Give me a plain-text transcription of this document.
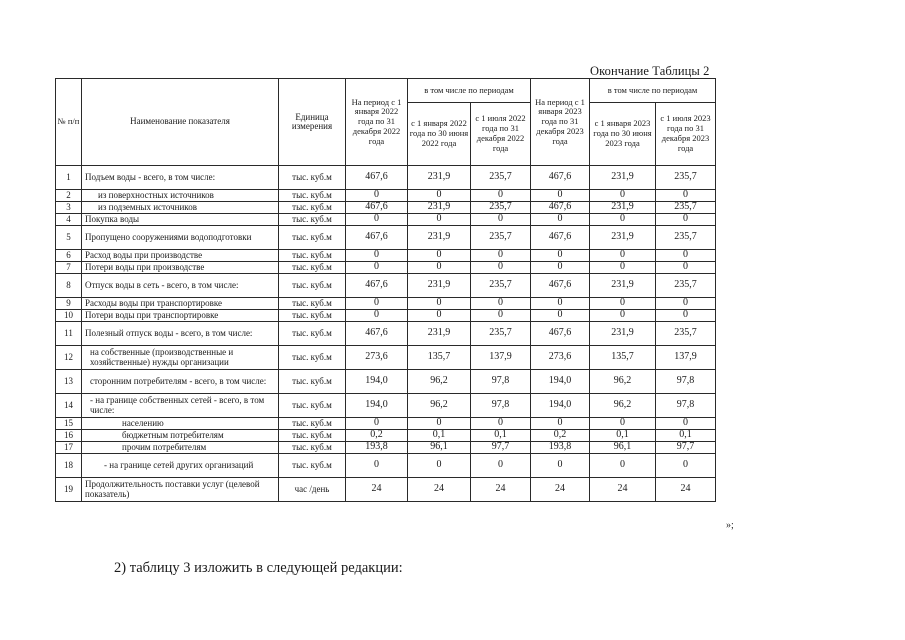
Окончание Таблицы 2
№ п/п	Наименование показателя	Единица измерения	На период с 1 января 2022 года по 31 декабря 2022 года	в том числе по периодам		На период с 1 января 2023 года по 31 декабря 2023 года	в том числе по периодам	
				с 1 января 2022 года по 30 июня 2022 года	с 1 июля 2022 года по 31 декабря 2022 года		с 1 января 2023 года по 30 июня 2023 года	с 1 июля 2023 года по 31 декабря 2023 года
1	Подъем воды - всего, в том числе:	тыс. куб.м	467,6	231,9	235,7	467,6	231,9	235,7
2	из поверхностных источников	тыс. куб.м	0	0	0	0	0	0
3	из подземных источников	тыс. куб.м	467,6	231,9	235,7	467,6	231,9	235,7
4	Покупка воды	тыс. куб.м	0	0	0	0	0	0
5	Пропущено сооружениями водоподготовки	тыс. куб.м	467,6	231,9	235,7	467,6	231,9	235,7
6	Расход воды при производстве	тыс. куб.м	0	0	0	0	0	0
7	Потери воды при производстве	тыс. куб.м	0	0	0	0	0	0
8	Отпуск воды в сеть - всего, в том числе:	тыс. куб.м	467,6	231,9	235,7	467,6	231,9	235,7
9	Расходы воды при транспортировке	тыс. куб.м	0	0	0	0	0	0
10	Потери воды при транспортировке	тыс. куб.м	0	0	0	0	0	0
11	Полезный отпуск воды - всего, в том числе:	тыс. куб.м	467,6	231,9	235,7	467,6	231,9	235,7
12	на собственные (производственные и хозяйственные) нужды организации	тыс. куб.м	273,6	135,7	137,9	273,6	135,7	137,9
13	сторонним потребителям - всего, в том числе:	тыс. куб.м	194,0	96,2	97,8	194,0	96,2	97,8
14	- на границе собственных сетей - всего, в том числе:	тыс. куб.м	194,0	96,2	97,8	194,0	96,2	97,8
15	населению	тыс. куб.м	0	0	0	0	0	0
16	бюджетным потребителям	тыс. куб.м	0,2	0,1	0,1	0,2	0,1	0,1
17	прочим потребителям	тыс. куб.м	193,8	96,1	97,7	193,8	96,1	97,7
18	- на границе сетей других организаций	тыс. куб.м	0	0	0	0	0	0
19	Продолжительность поставки услуг (целевой показатель)	час /день	24	24	24	24	24	24
»;
2) таблицу 3 изложить в следующей редакции:
